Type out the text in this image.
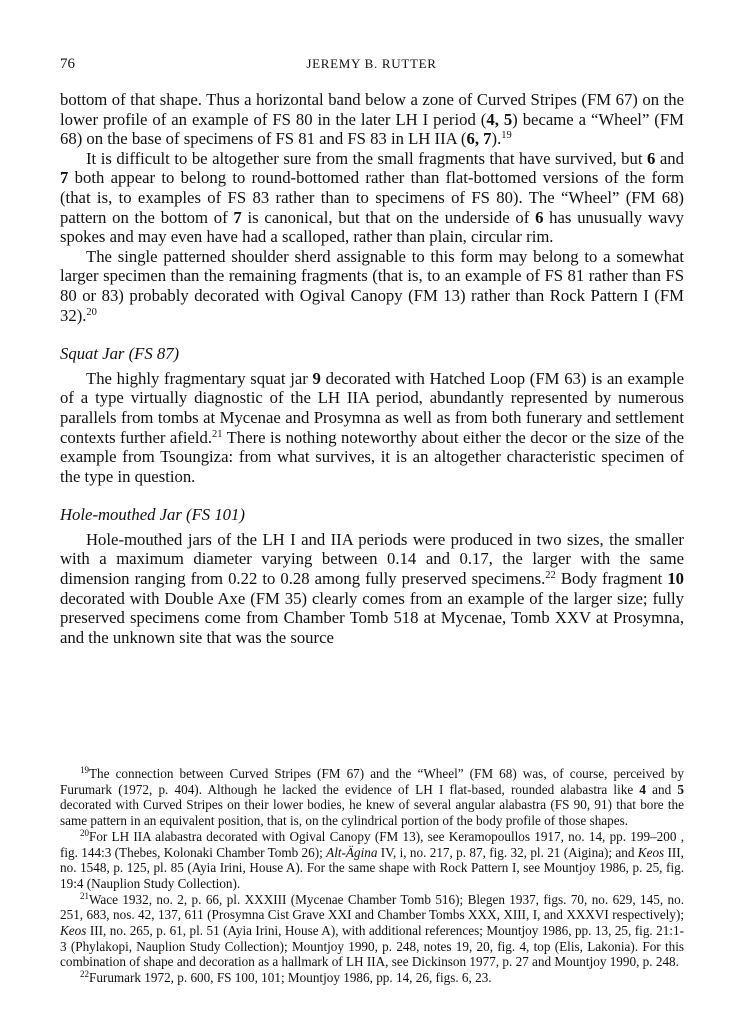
76	JEREMY B. RUTTER

bottom of that shape. Thus a horizontal band below a zone of Curved Stripes (FM 67) on the lower profile of an example of FS 80 in the later LH I period (4, 5) became a “Wheel” (FM 68) on the base of specimens of FS 81 and FS 83 in LH IIA (6, 7).$^{19}$

It is difficult to be altogether sure from the small fragments that have survived, but 6 and 7 both appear to belong to round-bottomed rather than flat-bottomed versions of the form (that is, to examples of FS 83 rather than to specimens of FS 80). The “Wheel” (FM 68) pattern on the bottom of 7 is canonical, but that on the underside of 6 has unusually wavy spokes and may even have had a scalloped, rather than plain, circular rim.

The single patterned shoulder sherd assignable to this form may belong to a somewhat larger specimen than the remaining fragments (that is, to an example of FS 81 rather than FS 80 or 83) probably decorated with Ogival Canopy (FM 13) rather than Rock Pattern I (FM 32).$^{20}$

Squat Jar (FS 87)

The highly fragmentary squat jar 9 decorated with Hatched Loop (FM 63) is an example of a type virtually diagnostic of the LH IIA period, abundantly represented by numerous parallels from tombs at Mycenae and Prosymna as well as from both funerary and settlement contexts further afield.$^{21}$ There is nothing noteworthy about either the decor or the size of the example from Tsoungiza: from what survives, it is an altogether characteristic specimen of the type in question.

Hole-mouthed Jar (FS 101)

Hole-mouthed jars of the LH I and IIA periods were produced in two sizes, the smaller with a maximum diameter varying between 0.14 and 0.17, the larger with the same dimension ranging from 0.22 to 0.28 among fully preserved specimens.$^{22}$ Body fragment 10 decorated with Double Axe (FM 35) clearly comes from an example of the larger size; fully preserved specimens come from Chamber Tomb 518 at Mycenae, Tomb XXV at Prosymna, and the unknown site that was the source

$^{19}$The connection between Curved Stripes (FM 67) and the “Wheel” (FM 68) was, of course, perceived by Furumark (1972, p. 404). Although he lacked the evidence of LH I flat-based, rounded alabastra like 4 and 5 decorated with Curved Stripes on their lower bodies, he knew of several angular alabastra (FS 90, 91) that bore the same pattern in an equivalent position, that is, on the cylindrical portion of the body profile of those shapes.

$^{20}$For LH IIA alabastra decorated with Ogival Canopy (FM 13), see Keramopoullos 1917, no. 14, pp. 199–200 , fig. 144:3 (Thebes, Kolonaki Chamber Tomb 26); Alt-Ägina IV, i, no. 217, p. 87, fig. 32, pl. 21 (Aigina); and Keos III, no. 1548, p. 125, pl. 85 (Ayia Irini, House A). For the same shape with Rock Pattern I, see Mountjoy 1986, p. 25, fig. 19:4 (Nauplion Study Collection).

$^{21}$Wace 1932, no. 2, p. 66, pl. XXXIII (Mycenae Chamber Tomb 516); Blegen 1937, figs. 70, no. 629, 145, no. 251, 683, nos. 42, 137, 611 (Prosymna Cist Grave XXI and Chamber Tombs XXX, XIII, I, and XXXVI respectively); Keos III, no. 265, p. 61, pl. 51 (Ayia Irini, House A), with additional references; Mountjoy 1986, pp. 13, 25, fig. 21:1-3 (Phylakopi, Nauplion Study Collection); Mountjoy 1990, p. 248, notes 19, 20, fig. 4, top (Elis, Lakonia). For this combination of shape and decoration as a hallmark of LH IIA, see Dickinson 1977, p. 27 and Mountjoy 1990, p. 248.

$^{22}$Furumark 1972, p. 600, FS 100, 101; Mountjoy 1986, pp. 14, 26, figs. 6, 23.
